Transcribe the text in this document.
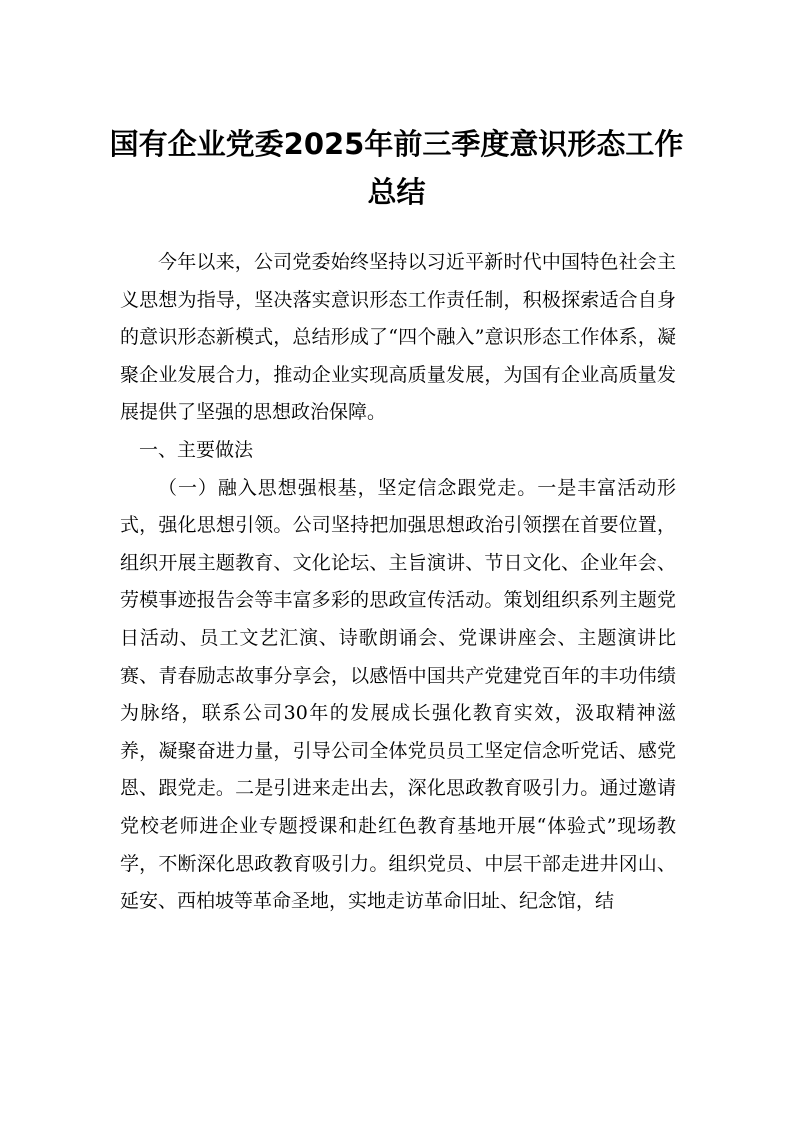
国有企业党委2025年前三季度意识形态工作总结

今年以来，公司党委始终坚持以习近平新时代中国特色社会主义思想为指导，坚决落实意识形态工作责任制，积极探索适合自身的意识形态新模式，总结形成了“四个融入”意识形态工作体系，凝聚企业发展合力，推动企业实现高质量发展，为国有企业高质量发展提供了坚强的思想政治保障。

一、主要做法

（一）融入思想强根基，坚定信念跟党走。一是丰富活动形式，强化思想引领。公司坚持把加强思想政治引领摆在首要位置，组织开展主题教育、文化论坛、主旨演讲、节日文化、企业年会、劳模事迹报告会等丰富多彩的思政宣传活动。策划组织系列主题党日活动、员工文艺汇演、诗歌朗诵会、党课讲座会、主题演讲比赛、青春励志故事分享会，以感悟中国共产党建党百年的丰功伟绩为脉络，联系公司30年的发展成长强化教育实效，汲取精神滋养，凝聚奋进力量，引导公司全体党员员工坚定信念听党话、感党恩、跟党走。二是引进来走出去，深化思政教育吸引力。通过邀请党校老师进企业专题授课和赴红色教育基地开展“体验式”现场教学，不断深化思政教育吸引力。组织党员、中层干部走进井冈山、延安、西柏坡等革命圣地，实地走访革命旧址、纪念馆，结
